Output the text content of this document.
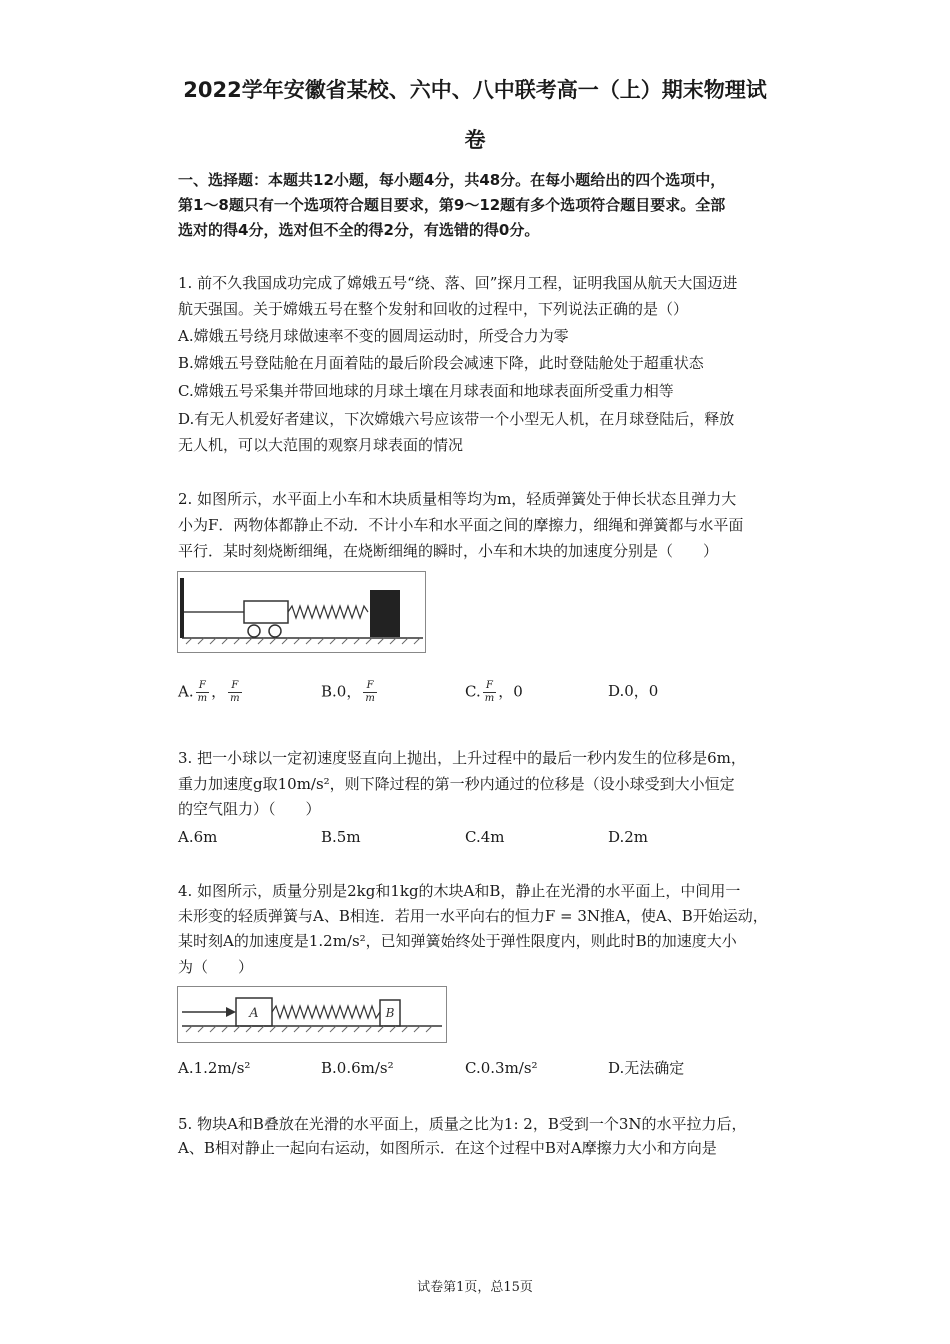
2022学年安徽省某校、六中、八中联考高一（上）期末物理试
卷
一、选择题：本题共12小题，每小题4分，共48分。在每小题给出的四个选项中，
第1～8题只有一个选项符合题目要求，第9～12题有多个选项符合题目要求。全部
选对的得4分，选对但不全的得2分，有选错的得0分。
1. 前不久我国成功完成了嫦娥五号“绕、落、回”探月工程，证明我国从航天大国迈进
航天强国。关于嫦娥五号在整个发射和回收的过程中，下列说法正确的是（）
A.嫦娥五号绕月球做速率不变的圆周运动时，所受合力为零
B.嫦娥五号登陆舱在月面着陆的最后阶段会减速下降，此时登陆舱处于超重状态
C.嫦娥五号采集并带回地球的月球土壤在月球表面和地球表面所受重力相等
D.有无人机爱好者建议，下次嫦娥六号应该带一个小型无人机，在月球登陆后，释放
无人机，可以大范围的观察月球表面的情况
2. 如图所示，水平面上小车和木块质量相等均为m，轻质弹簧处于伸长状态且弹力大
小为F．两物体都静止不动．不计小车和水平面之间的摩擦力，细绳和弹簧都与水平面
平行．某时刻烧断细绳，在烧断细绳的瞬时，小车和木块的加速度分别是（　　）
A. $\frac{F}{m}$ ， $\frac{F}{m}$	B.0， $\frac{F}{m}$	C. $\frac{F}{m}$ ，0	D.0，0
3. 把一小球以一定初速度竖直向上抛出，上升过程中的最后一秒内发生的位移是6m，
重力加速度g取10m/s²，则下降过程的第一秒内通过的位移是（设小球受到大小恒定
的空气阻力）（　　）
A.6m	B.5m	C.4m	D.2m
4. 如图所示，质量分别是2kg和1kg的木块A和B，静止在光滑的水平面上，中间用一
未形变的轻质弹簧与A、B相连．若用一水平向右的恒力F = 3N推A，使A、B开始运动，
某时刻A的加速度是1.2m/s²，已知弹簧始终处于弹性限度内，则此时B的加速度大小
为（　　）
A	B
A.1.2m/s²	B.0.6m/s²	C.0.3m/s²	D.无法确定
5. 物块A和B叠放在光滑的水平面上，质量之比为1: 2，B受到一个3N的水平拉力后，
A、B相对静止一起向右运动，如图所示．在这个过程中B对A摩擦力大小和方向是
试卷第1页，总15页
